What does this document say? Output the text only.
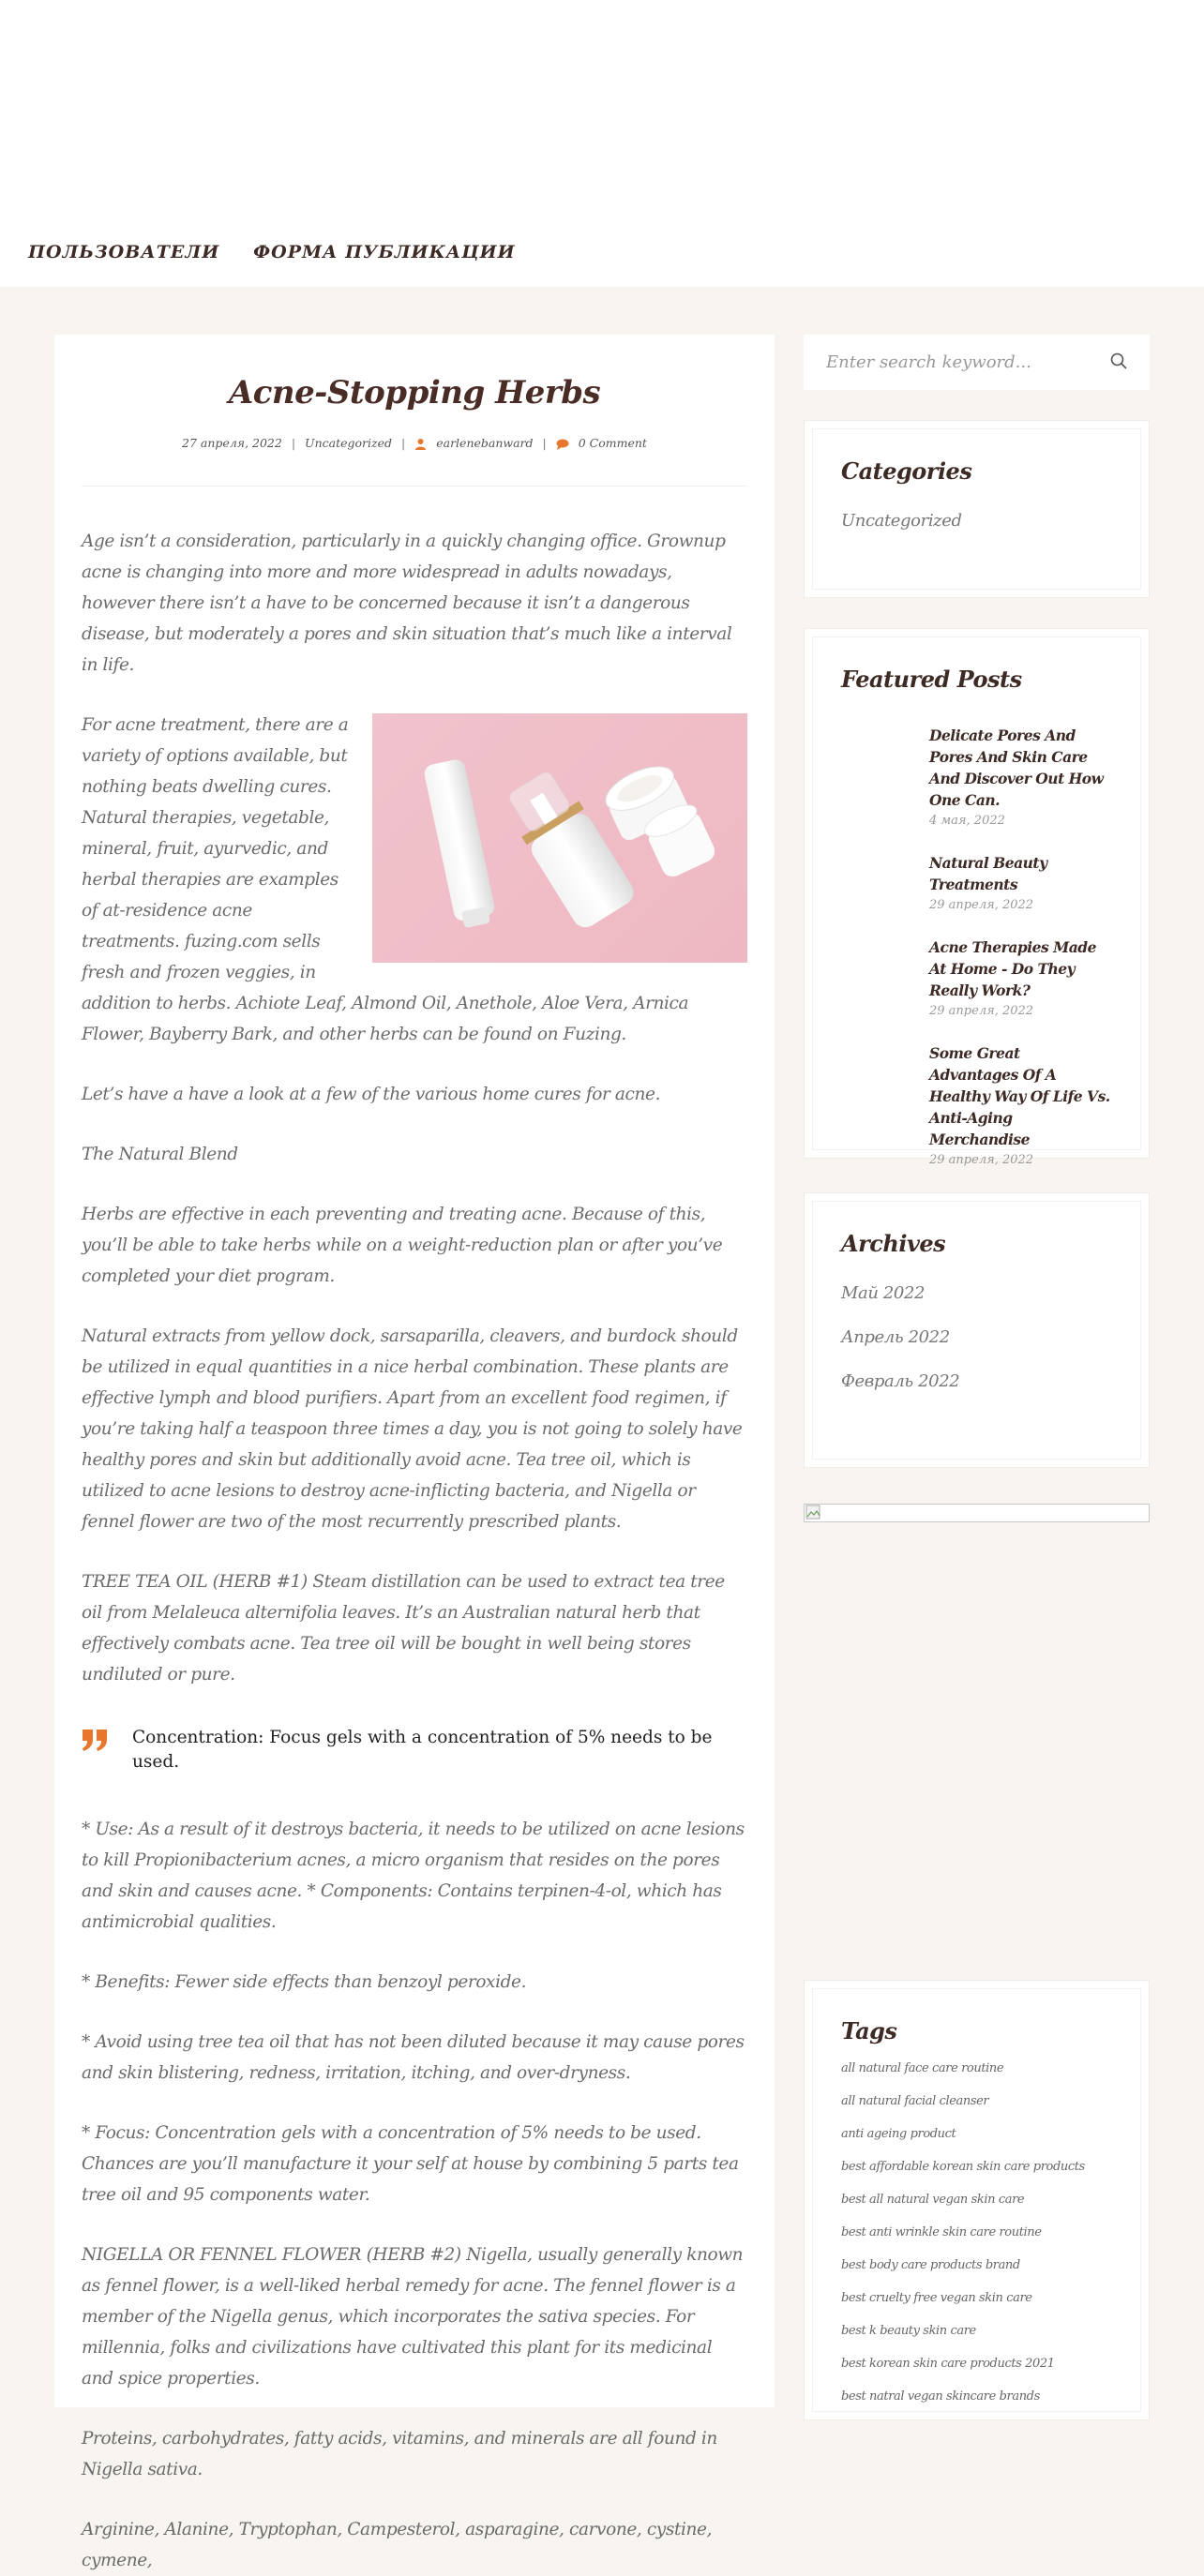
ПОЛЬЗОВАТЕЛИ ФОРМА ПУБЛИКАЦИИ
Acne-Stopping Herbs
27 апреля, 2022 | Uncategorized |	earlenebanward |	0 Comment

Age isn’t a consideration, particularly in a quickly changing office. Grownup acne is changing into more and more widespread in adults nowadays, however there isn’t a have to be concerned because it isn’t a dangerous disease, but moderately a pores and skin situation that’s much like a interval in life.

For acne treatment, there are a variety of options available, but nothing beats dwelling cures. Natural therapies, vegetable, mineral, fruit, ayurvedic, and herbal therapies are examples of at-residence acne treatments. fuzing.com sells fresh and frozen veggies, in addition to herbs. Achiote Leaf, Almond Oil, Anethole, Aloe Vera, Arnica Flower, Bayberry Bark, and other herbs can be found on Fuzing.

Let’s have a have a look at a few of the various home cures for acne.

The Natural Blend

Herbs are effective in each preventing and treating acne. Because of this, you’ll be able to take herbs while on a weight-reduction plan or after you’ve completed your diet program.

Natural extracts from yellow dock, sarsaparilla, cleavers, and burdock should be utilized in equal quantities in a nice herbal combination. These plants are effective lymph and blood purifiers. Apart from an excellent food regimen, if you’re taking half a teaspoon three times a day, you is not going to solely have healthy pores and skin but additionally avoid acne. Tea tree oil, which is utilized to acne lesions to destroy acne-inflicting bacteria, and Nigella or fennel flower are two of the most recurrently prescribed plants.

TREE TEA OIL (HERB #1) Steam distillation can be used to extract tea tree oil from Melaleuca alternifolia leaves. It’s an Australian natural herb that effectively combats acne. Tea tree oil will be bought in well being stores undiluted or pure.

Concentration: Focus gels with a concentration of 5% needs to be used.

* Use: As a result of it destroys bacteria, it needs to be utilized on acne lesions to kill Propionibacterium acnes, a micro organism that resides on the pores and skin and causes acne. * Components: Contains terpinen-4-ol, which has antimicrobial qualities.

* Benefits: Fewer side effects than benzoyl peroxide.

* Avoid using tree tea oil that has not been diluted because it may cause pores and skin blistering, redness, irritation, itching, and over-dryness.

* Focus: Concentration gels with a concentration of 5% needs to be used. Chances are you’ll manufacture it your self at house by combining 5 parts tea tree oil and 95 components water.

NIGELLA OR FENNEL FLOWER (HERB #2) Nigella, usually generally known as fennel flower, is a well-liked herbal remedy for acne. The fennel flower is a member of the Nigella genus, which incorporates the sativa species. For millennia, folks and civilizations have cultivated this plant for its medicinal and spice properties.

Proteins, carbohydrates, fatty acids, vitamins, and minerals are all found in Nigella sativa.

Arginine, Alanine, Tryptophan, Campesterol, asparagine, carvone, cystine, cymene,

Enter search keyword...
Categories
Uncategorized
Featured Posts
Delicate Pores And Pores And Skin Care And Discover Out How One Can.
4 мая, 2022
Natural Beauty Treatments
29 апреля, 2022
Acne Therapies Made At Home - Do They Really Work?
29 апреля, 2022
Some Great Advantages Of A Healthy Way Of Life Vs. Anti-Aging Merchandise
29 апреля, 2022
Archives
Май 2022
Апрель 2022
Февраль 2022
Tags
all natural face care routine
all natural facial cleanser anti ageing product
best affordable korean skin care products
best all natural vegan skin care
best anti wrinkle skin care routine
best body care products brand
best cruelty free vegan skin care
best k beauty skin care
best korean skin care products 2021
best natral vegan skincare brands
